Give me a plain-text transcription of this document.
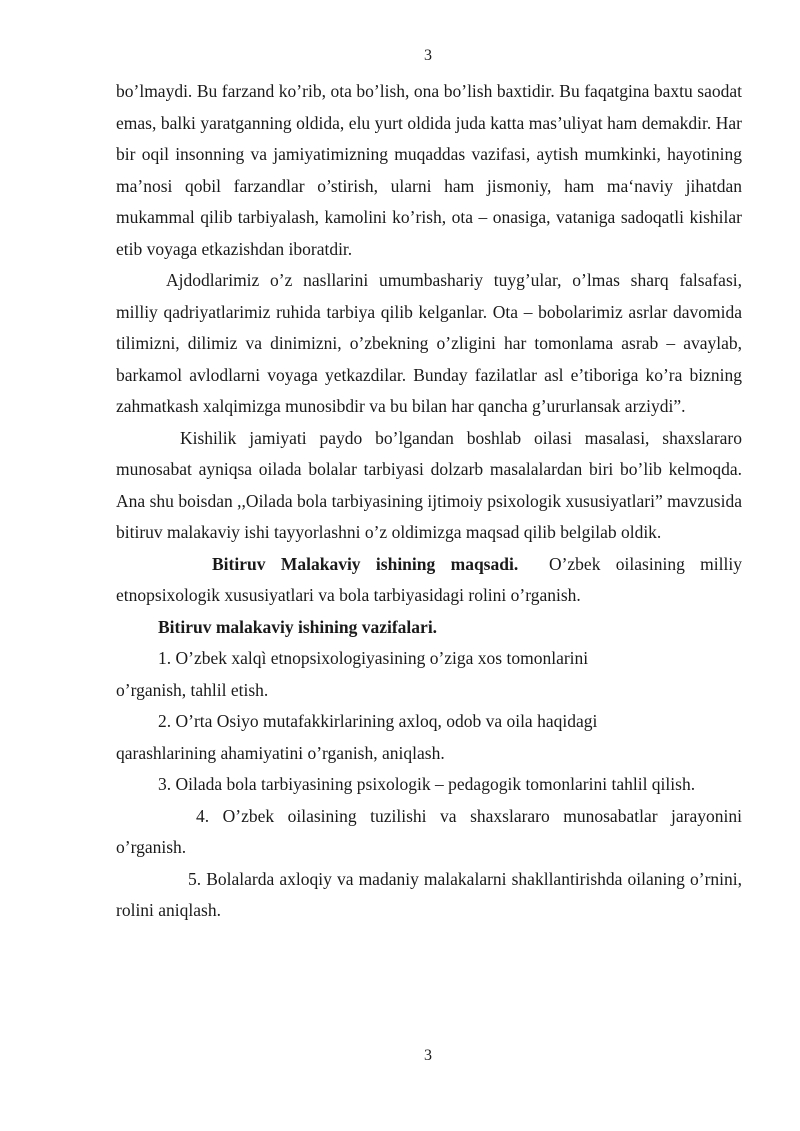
3

bo’lmaydi. Bu farzand ko’rib, ota bo’lish, ona bo’lish baxtidir. Bu faqatgina baxtu saodat emas, balki yaratganning oldida, elu yurt oldida juda katta mas’uliyat ham demakdir. Har bir oqil insonning va jamiyatimizning muqaddas vazifasi, aytish mumkinki, hayotining ma’nosi qobil farzandlar o’stirish, ularni ham jismoniy, ham ma‘naviy jihatdan mukammal qilib tarbiyalash, kamolini ko’rish, ota – onasiga, vataniga sadoqatli kishilar etib voyaga etkazishdan iboratdir.

Ajdodlarimiz o’z nasllarini umumbashariy tuyg’ular, o’lmas sharq falsafasi, milliy qadriyatlarimiz ruhida tarbiya qilib kelganlar. Ota – bobolarimiz asrlar davomida tilimizni, dilimiz va dinimizni, o’zbekning o’zligini har tomonlama asrab – avaylab, barkamol avlodlarni voyaga yetkazdilar. Bunday fazilatlar asl e’tiboriga ko’ra bizning zahmatkash xalqimizga munosibdir va bu bilan har qancha g’ururlansak arziydi”.

Kishilik jamiyati paydo bo’lgandan boshlab oilasi masalasi, shaxslararo munosabat ayniqsa oilada bolalar tarbiyasi dolzarb masalalardan biri bo’lib kelmoqda. Ana shu boisdan ,,Oilada bola tarbiyasining ijtimoiy psixologik xususiyatlari” mavzusida bitiruv malakaviy ishi tayyorlashni o’z oldimizga maqsad qilib belgilab oldik.

Bitiruv Malakaviy ishining maqsadi. O’zbek oilasining milliy etnopsixologik xususiyatlari va bola tarbiyasidagi rolini o’rganish.

Bitiruv malakaviy ishining vazifalari.

1. O’zbek xalqì etnopsixologiyasining o’ziga xos tomonlarini

o’rganish, tahlil etish.

2. O’rta Osiyo mutafakkirlarining axloq, odob va oila haqidagi

qarashlarining ahamiyatini o’rganish, aniqlash.

3. Oilada bola tarbiyasining psixologik – pedagogik tomonlarini tahlil qilish.

4. O’zbek oilasining tuzilishi va shaxslararo munosabatlar jarayonini o’rganish.

5. Bolalarda axloqiy va madaniy malakalarni shakllantirishda oilaning o’rnini, rolini aniqlash.

3
